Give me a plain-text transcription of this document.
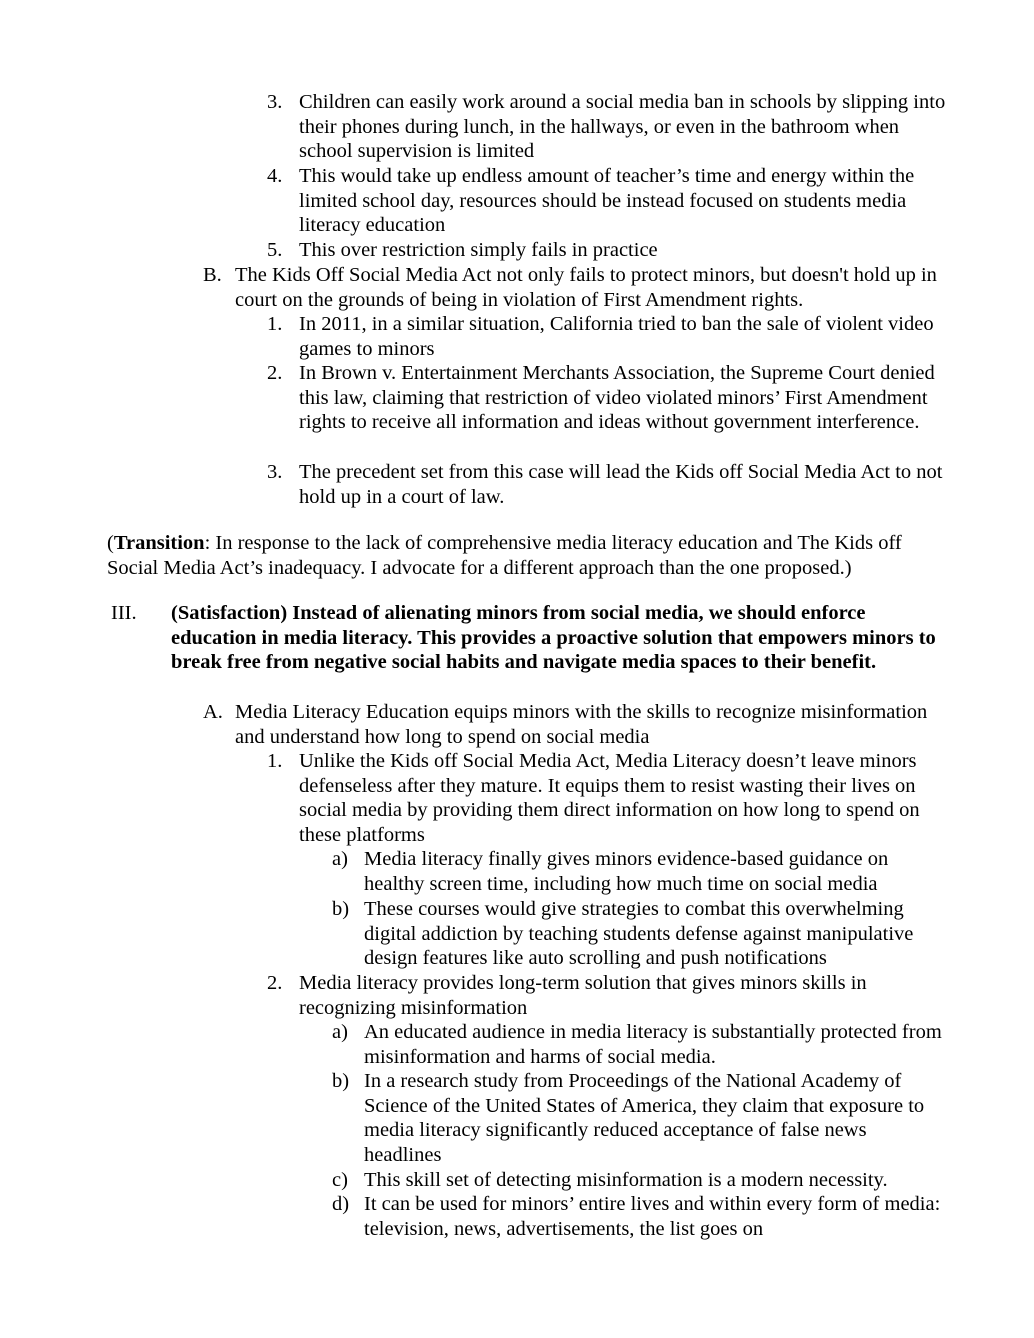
3. Children can easily work around a social media ban in schools by slipping into their phones during lunch, in the hallways, or even in the bathroom when school supervision is limited
4. This would take up endless amount of teacher’s time and energy within the limited school day, resources should be instead focused on students media literacy education
5. This over restriction simply fails in practice
B. The Kids Off Social Media Act not only fails to protect minors, but doesn't hold up in court on the grounds of being in violation of First Amendment rights.
1. In 2011, in a similar situation, California tried to ban the sale of violent video games to minors
2. In Brown v. Entertainment Merchants Association, the Supreme Court denied this law, claiming that restriction of video violated minors’ First Amendment rights to receive all information and ideas without government interference.
3. The precedent set from this case will lead the Kids off Social Media Act to not hold up in a court of law.
(Transition: In response to the lack of comprehensive media literacy education and The Kids off Social Media Act’s inadequacy. I advocate for a different approach than the one proposed.)
III. (Satisfaction) Instead of alienating minors from social media, we should enforce education in media literacy. This provides a proactive solution that empowers minors to break free from negative social habits and navigate media spaces to their benefit.
A. Media Literacy Education equips minors with the skills to recognize misinformation and understand how long to spend on social media
1. Unlike the Kids off Social Media Act, Media Literacy doesn’t leave minors defenseless after they mature. It equips them to resist wasting their lives on social media by providing them direct information on how long to spend on these platforms
a) Media literacy finally gives minors evidence-based guidance on healthy screen time, including how much time on social media
b) These courses would give strategies to combat this overwhelming digital addiction by teaching students defense against manipulative design features like auto scrolling and push notifications
2. Media literacy provides long-term solution that gives minors skills in recognizing misinformation
a) An educated audience in media literacy is substantially protected from misinformation and harms of social media.
b) In a research study from Proceedings of the National Academy of Science of the United States of America, they claim that exposure to media literacy significantly reduced acceptance of false news headlines
c) This skill set of detecting misinformation is a modern necessity.
d) It can be used for minors’ entire lives and within every form of media: television, news, advertisements, the list goes on
